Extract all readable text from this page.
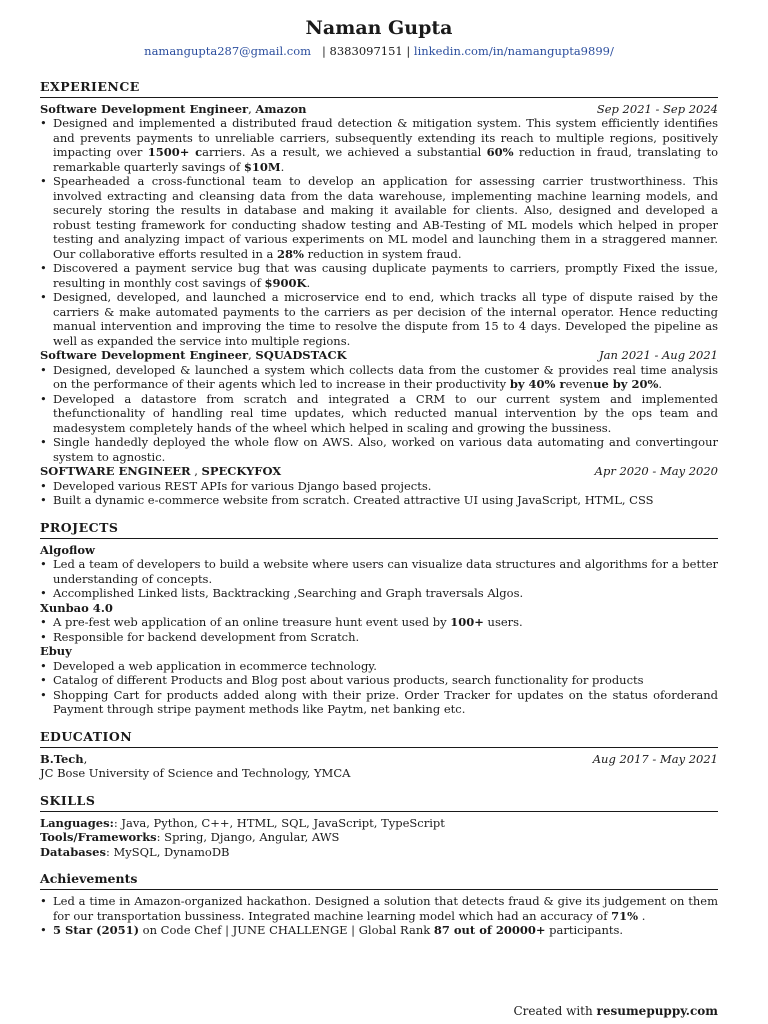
Naman Gupta
namangupta287@gmail.com | 8383097151 | linkedin.com/in/namangupta9899/
EXPERIENCE
Software Development Engineer, Amazon	Sep 2021 - Sep 2024
• Designed and implemented a distributed fraud detection & mitigation system. This system efficiently identifies and prevents payments to unreliable carriers, subsequently extending its reach to multiple regions, positively impacting over 1500+ carriers. As a result, we achieved a substantial 60% reduction in fraud, translating to remarkable quarterly savings of $10M.
• Spearheaded a cross-functional team to develop an application for assessing carrier trustworthiness. This involved extracting and cleansing data from the data warehouse, implementing machine learning models, and securely storing the results in database and making it available for clients. Also, designed and developed a robust testing framework for conducting shadow testing and AB-Testing of ML models which helped in proper testing and analyzing impact of various experiments on ML model and launching them in a straggered manner. Our collaborative efforts resulted in a 28% reduction in system fraud.
• Discovered a payment service bug that was causing duplicate payments to carriers, promptly Fixed the issue, resulting in monthly cost savings of $900K.
• Designed, developed, and launched a microservice end to end, which tracks all type of dispute raised by the carriers & make automated payments to the carriers as per decision of the internal operator. Hence reducting manual intervention and improving the time to resolve the dispute from 15 to 4 days. Developed the pipeline as well as expanded the service into multiple regions.
Software Development Engineer, SQUADSTACK	Jan 2021 - Aug 2021
• Designed, developed & launched a system which collects data from the customer & provides real time analysis on the performance of their agents which led to increase in their productivity by 40% revenue by 20%.
• Developed a datastore from scratch and integrated a CRM to our current system and implemented thefunctionality of handling real time updates, which reducted manual intervention by the ops team and madesystem completely hands of the wheel which helped in scaling and growing the bussiness.
• Single handedly deployed the whole flow on AWS. Also, worked on various data automating and convertingour system to agnostic.
SOFTWARE ENGINEER , SPECKYFOX	Apr 2020 - May 2020
• Developed various REST APIs for various Django based projects.
• Built a dynamic e-commerce website from scratch. Created attractive UI using JavaScript, HTML, CSS
PROJECTS
Algoflow
• Led a team of developers to build a website where users can visualize data structures and algorithms for a better understanding of concepts.
• Accomplished Linked lists, Backtracking ,Searching and Graph traversals Algos.
Xunbao 4.0
• A pre-fest web application of an online treasure hunt event used by 100+ users.
• Responsible for backend development from Scratch.
Ebuy
• Developed a web application in ecommerce technology.
• Catalog of different Products and Blog post about various products, search functionality for products
• Shopping Cart for products added along with their prize. Order Tracker for updates on the status oforderand Payment through stripe payment methods like Paytm, net banking etc.
EDUCATION
B.Tech,	Aug 2017 - May 2021
JC Bose University of Science and Technology, YMCA
SKILLS
Languages:: Java, Python, C++, HTML, SQL, JavaScript, TypeScript
Tools/Frameworks: Spring, Django, Angular, AWS
Databases: MySQL, DynamoDB
Achievements
• Led a time in Amazon-organized hackathon. Designed a solution that detects fraud & give its judgement on them for our transportation bussiness. Integrated machine learning model which had an accuracy of 71% .
• 5 Star (2051) on Code Chef | JUNE CHALLENGE | Global Rank 87 out of 20000+ participants.
Created with resumepuppy.com
